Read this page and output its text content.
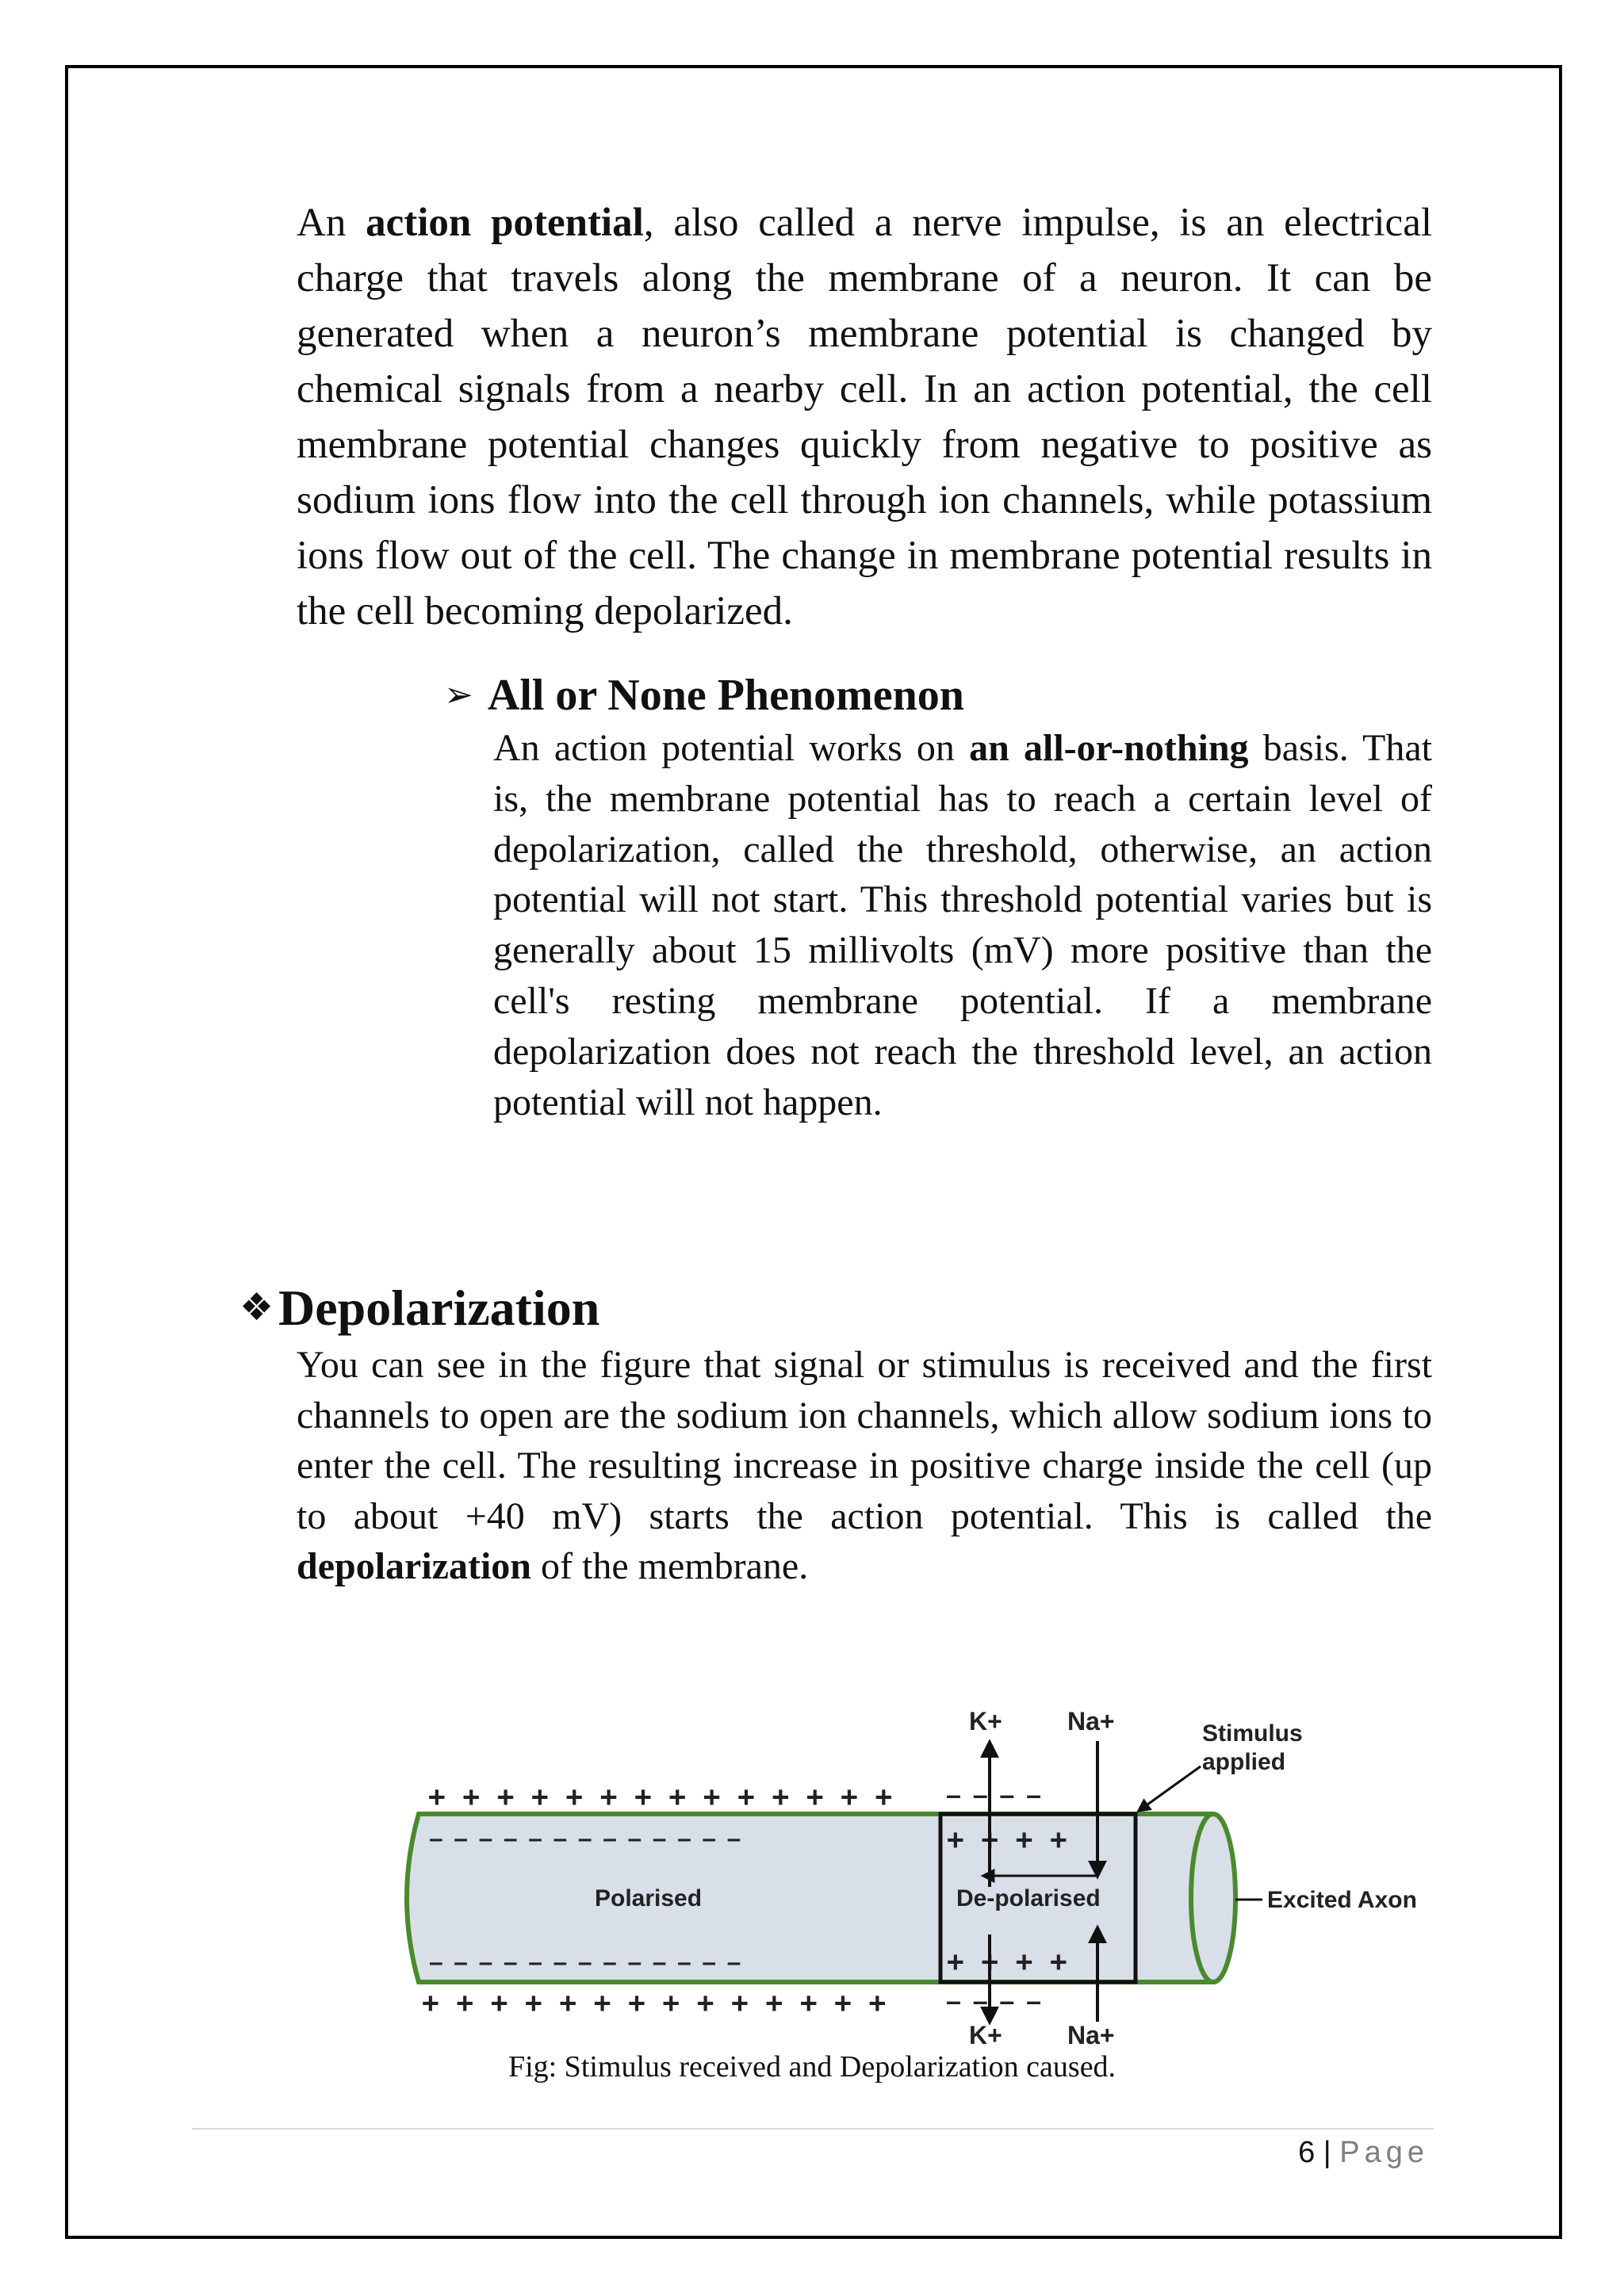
An action potential, also called a nerve impulse, is an electrical charge that travels along the membrane of a neuron. It can be generated when a neuron’s membrane potential is changed by chemical signals from a nearby cell. In an action potential, the cell membrane potential changes quickly from negative to positive as sodium ions flow into the cell through ion channels, while potassium ions flow out of the cell. The change in membrane potential results in the cell becoming depolarized.

➢ All or None Phenomenon

An action potential works on an all-or-nothing basis. That is, the membrane potential has to reach a certain level of depolarization, called the threshold, otherwise, an action potential will not start. This threshold potential varies but is generally about 15 millivolts (mV) more positive than the cell's resting membrane potential. If a membrane depolarization does not reach the threshold level, an action potential will not happen.

❖Depolarization

You can see in the figure that signal or stimulus is received and the first channels to open are the sodium ion channels, which allow sodium ions to enter the cell. The resulting increase in positive charge inside the cell (up to about +40 mV) starts the action potential. This is called the depolarization of the membrane.

+ + + + + + + + + + + + + +
— — — — — — — — — — — — —
— — — — — — — — — — — — —
+ + + + + + + + + + + + + +
— — — —
+ + + +
+ + + +
— — — —
Polarised	De-polarised
K+	Na+
K+	Na+
Stimulus
applied
Excited Axon
Fig: Stimulus received and Depolarization caused.
6 | Page
